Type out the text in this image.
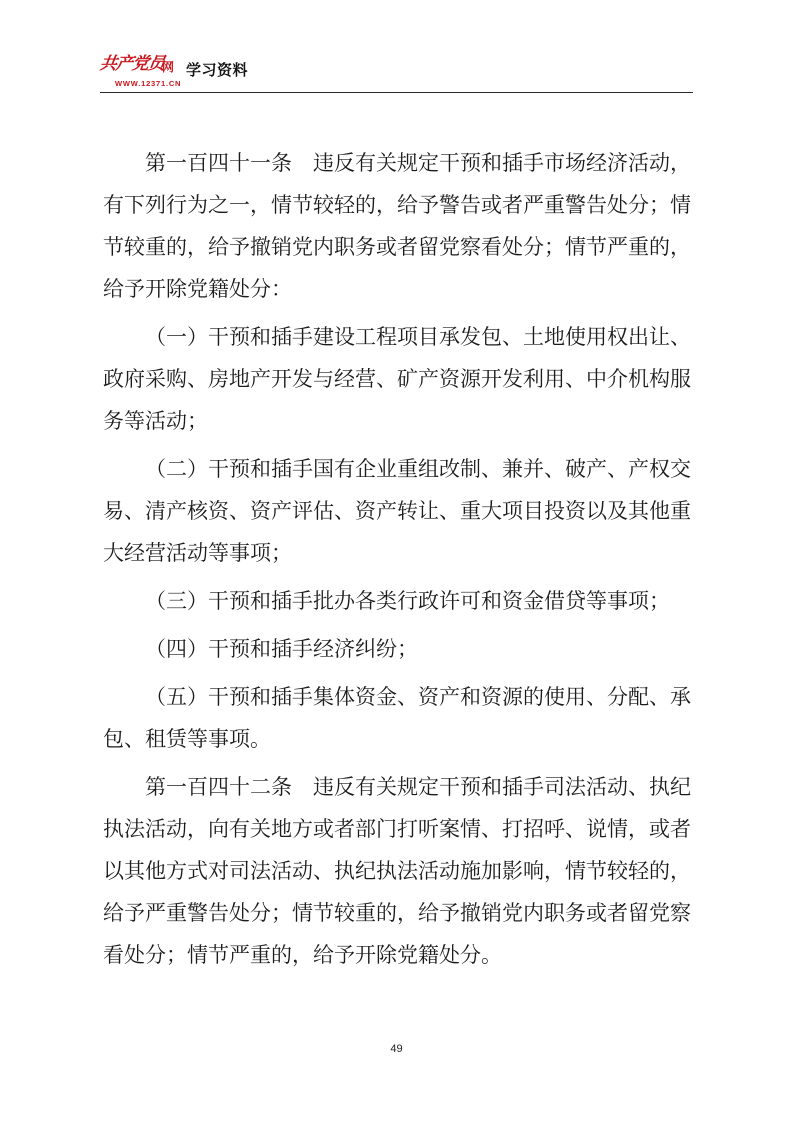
共产党员
网
WWW.12371.CN
学习资料
第一百四十一条　违反有关规定干预和插手市场经济活动，
有下列行为之一，情节较轻的，给予警告或者严重警告处分；情
节较重的，给予撤销党内职务或者留党察看处分；情节严重的，
给予开除党籍处分：
（一）干预和插手建设工程项目承发包、土地使用权出让、
政府采购、房地产开发与经营、矿产资源开发利用、中介机构服
务等活动；
（二）干预和插手国有企业重组改制、兼并、破产、产权交
易、清产核资、资产评估、资产转让、重大项目投资以及其他重
大经营活动等事项；
（三）干预和插手批办各类行政许可和资金借贷等事项；
（四）干预和插手经济纠纷；
（五）干预和插手集体资金、资产和资源的使用、分配、承
包、租赁等事项。
第一百四十二条　违反有关规定干预和插手司法活动、执纪
执法活动，向有关地方或者部门打听案情、打招呼、说情，或者
以其他方式对司法活动、执纪执法活动施加影响，情节较轻的，
给予严重警告处分；情节较重的，给予撤销党内职务或者留党察
看处分；情节严重的，给予开除党籍处分。
49
